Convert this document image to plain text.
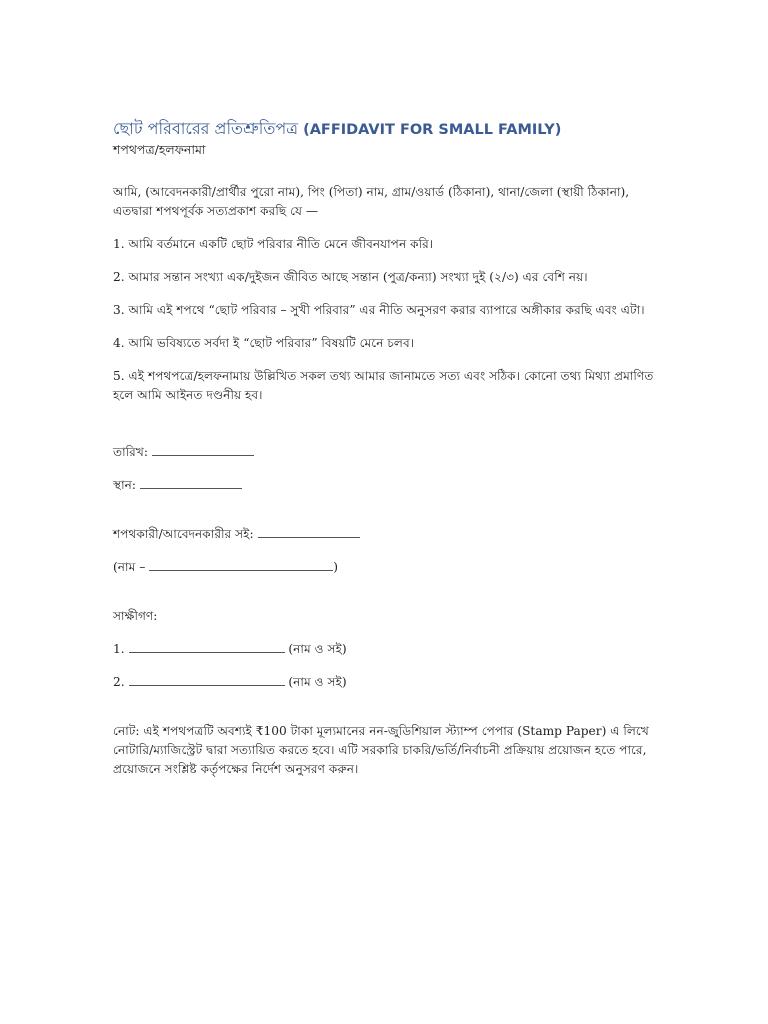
ছোট পরিবারের প্রতিশ্রুতিপত্র (AFFIDAVIT FOR SMALL FAMILY)
শপথপত্র/হলফনামা

আমি, (আবেদনকারী/প্রার্থীর পুরো নাম), পিং (পিতা) নাম, গ্রাম/ওয়ার্ড (ঠিকানা), থানা/জেলা (স্থায়ী ঠিকানা), এতদ্বারা শপথপূর্বক সত্যপ্রকাশ করছি যে —

1. আমি বর্তমানে একটি ছোট পরিবার নীতি মেনে জীবনযাপন করি।

2. আমার সন্তান সংখ্যা এক/দুইজন জীবিত আছে সন্তান (পুত্র/কন্যা) সংখ্যা দুই (২/৩) এর বেশি নয়।

3. আমি এই শপথে “ছোট পরিবার – সুখী পরিবার” এর নীতি অনুসরণ করার ব্যাপারে অঙ্গীকার করছি এবং এটা।

4. আমি ভবিষ্যতে সর্বদা ই “ছোট পরিবার” বিষয়টি মেনে চলব।

5. এই শপথপত্রে/হলফনামায় উল্লিখিত সকল তথ্য আমার জানামতে সত্য এবং সঠিক। কোনো তথ্য মিথ্যা প্রমাণিত হলে আমি আইনত দণ্ডনীয় হব।

তারিখ:

স্থান:

শপথকারী/আবেদনকারীর সই:

(নাম –	)

সাক্ষীগণ:

1.	(নাম ও সই)

2.	(নাম ও সই)

নোট: এই শপথপত্রটি অবশ্যই ₹100 টাকা মূল্যমানের নন-জুডিশিয়াল স্ট্যাম্প পেপার (Stamp Paper) এ লিখে নোটারি/ম্যাজিস্ট্রেট দ্বারা সত্যায়িত করতে হবে। এটি সরকারি চাকরি/ভর্তি/নির্বাচনী প্রক্রিয়ায় প্রয়োজন হতে পারে, প্রয়োজনে সংশ্লিষ্ট কর্তৃপক্ষের নির্দেশ অনুসরণ করুন।
